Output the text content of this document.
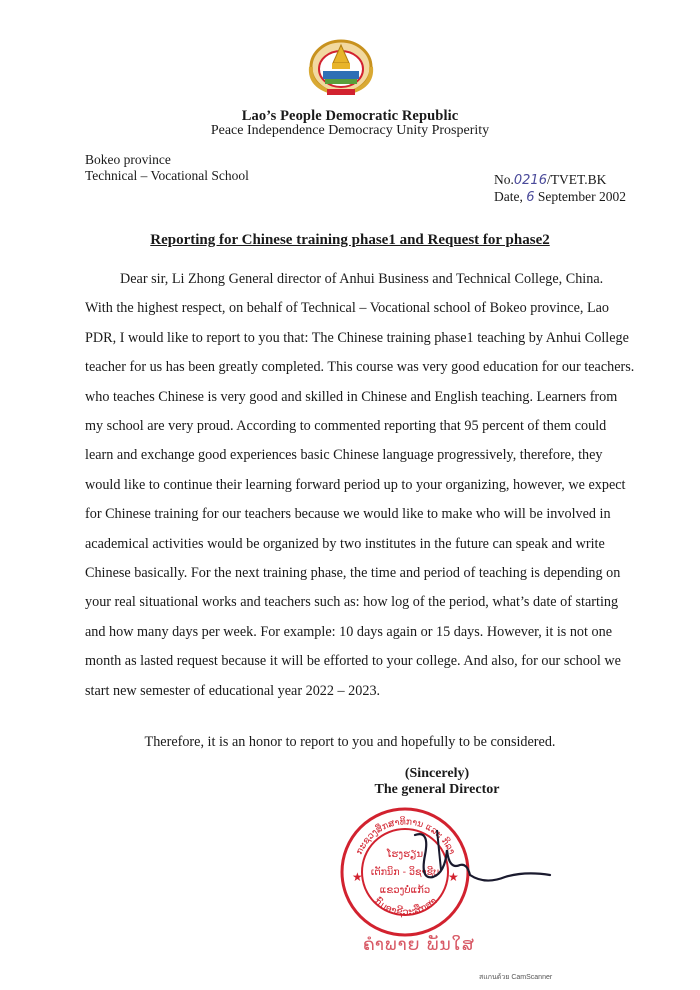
Lao’s People Democratic Republic
Peace Independence Democracy Unity Prosperity
Bokeo province
Technical – Vocational School	No.0216/TVET.BK
Date, 6 September 2002
Reporting for Chinese training phase1 and Request for phase2
Dear sir, Li Zhong General director of Anhui Business and Technical College, China.
With the highest respect, on behalf of Technical – Vocational school of Bokeo province, Lao
PDR, I would like to report to you that: The Chinese training phase1 teaching by Anhui College
teacher for us has been greatly completed. This course was very good education for our teachers.
who teaches Chinese is very good and skilled in Chinese and English teaching. Learners from
my school are very proud. According to commented reporting that 95 percent of them could
learn and exchange good experiences basic Chinese language progressively, therefore, they
would like to continue their learning forward period up to your organizing, however, we expect
for Chinese training for our teachers because we would like to make who will be involved in
academical activities would be organized by two institutes in the future can speak and write
Chinese basically. For the next training phase, the time and period of teaching is depending on
your real situational works and teachers such as: how log of the period, what’s date of starting
and how many days per week. For example: 10 days again or 15 days. However, it is not one
month as lasted request because it will be efforted to your college. And also, for our school we
start new semester of educational year 2022 – 2023.
Therefore, it is an honor to report to you and hopefully to be considered.
(Sincerely)
The general Director
ກະຊວງສຶກສາທິການ ແລະ ກິລາ
ກົມອາຊີວະສຶກສາ
ໂຮງຮຽນ
ເຕັກນິກ - ວິຊາຊີບ
ແຂວງບໍ່ແກ້ວ
★	★
ຄຳພາຍ ພັນໃສ
สแกนด้วย CamScanner
